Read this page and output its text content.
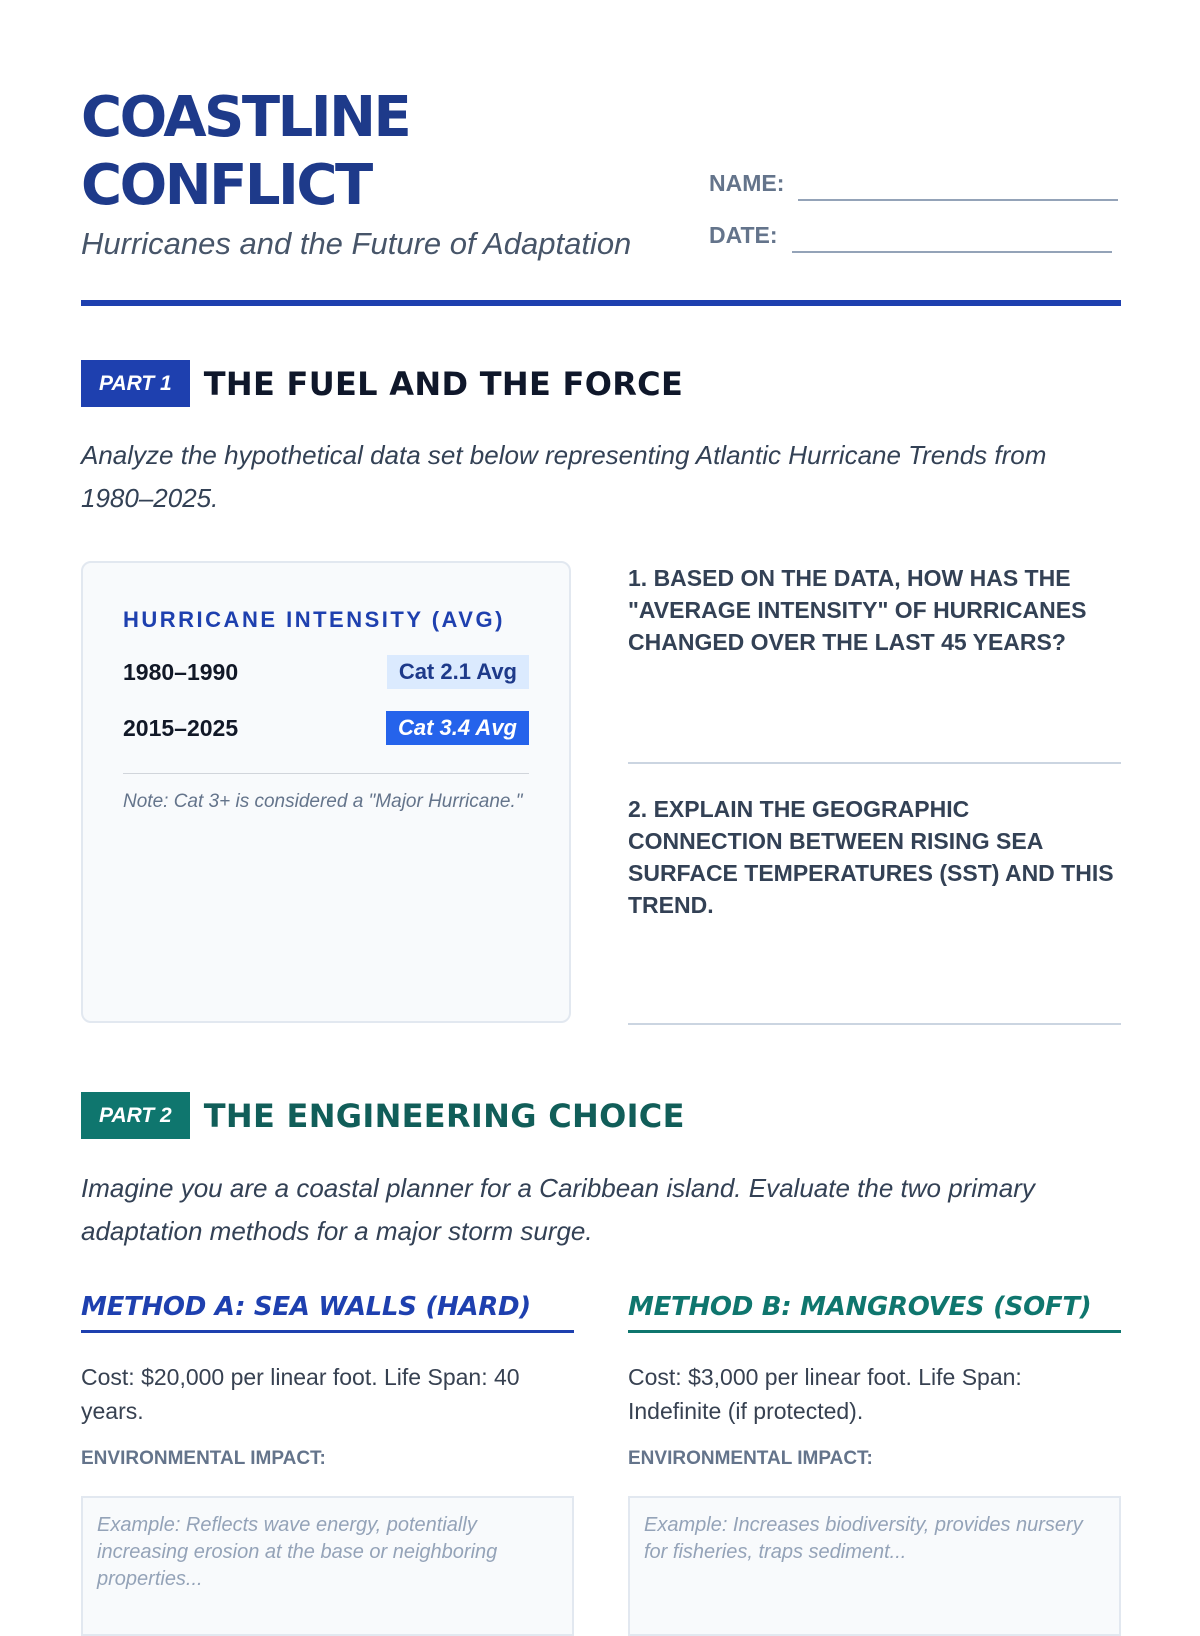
COASTLINE
CONFLICT
Hurricanes and the Future of Adaptation
NAME:
DATE:
PART 1	THE FUEL AND THE FORCE
Analyze the hypothetical data set below representing Atlantic Hurricane Trends from 1980–2025.
HURRICANE INTENSITY (AVG)
1980–1990	Cat 2.1 Avg
2015–2025	Cat 3.4 Avg
Note: Cat 3+ is considered a "Major Hurricane."
1. BASED ON THE DATA, HOW HAS THE "AVERAGE INTENSITY" OF HURRICANES CHANGED OVER THE LAST 45 YEARS?
2. EXPLAIN THE GEOGRAPHIC CONNECTION BETWEEN RISING SEA SURFACE TEMPERATURES (SST) AND THIS TREND.
PART 2	THE ENGINEERING CHOICE
Imagine you are a coastal planner for a Caribbean island. Evaluate the two primary adaptation methods for a major storm surge.
METHOD A: SEA WALLS (HARD)
Cost: $20,000 per linear foot. Life Span: 40 years.
ENVIRONMENTAL IMPACT:
Example: Reflects wave energy, potentially increasing erosion at the base or neighboring properties...
METHOD B: MANGROVES (SOFT)
Cost: $3,000 per linear foot. Life Span: Indefinite (if protected).
ENVIRONMENTAL IMPACT:
Example: Increases biodiversity, provides nursery for fisheries, traps sediment...
